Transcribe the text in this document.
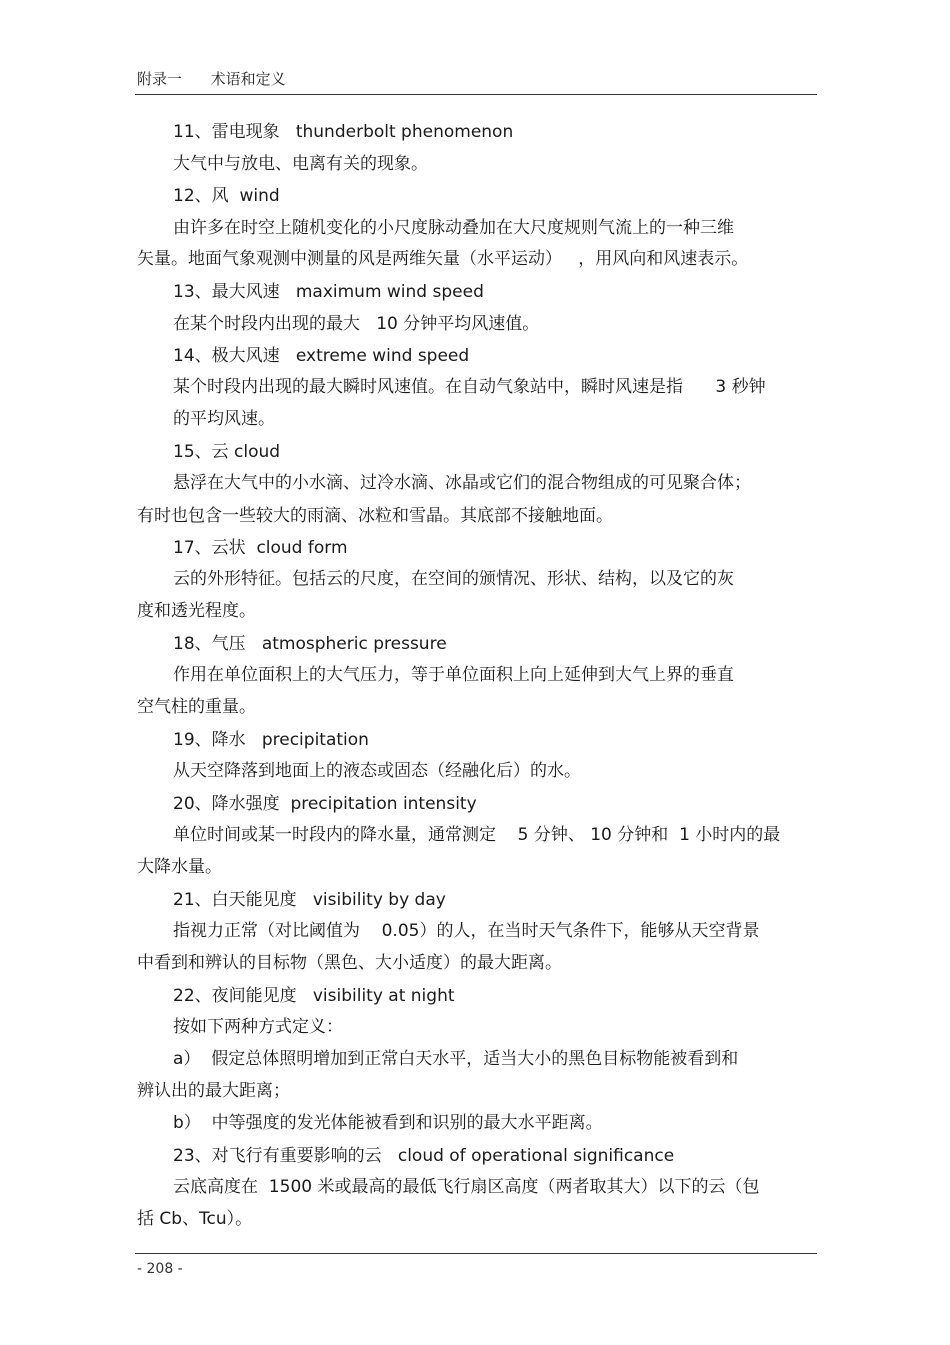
附录一 术语和定义
11、雷电现象   thunderbolt phenomenon
大气中与放电、电离有关的现象。
12、风  wind
由许多在时空上随机变化的小尺度脉动叠加在大尺度规则气流上的一种三维
矢量。地面气象观测中测量的风是两维矢量（水平运动）   ，用风向和风速表示。
13、最大风速   maximum wind speed
在某个时段内出现的最大   10 分钟平均风速值。
14、极大风速   extreme wind speed
某个时段内出现的最大瞬时风速值。在自动气象站中，瞬时风速是指      3 秒钟
的平均风速。
15、云 cloud
悬浮在大气中的小水滴、过冷水滴、冰晶或它们的混合物组成的可见聚合体；
有时也包含一些较大的雨滴、冰粒和雪晶。其底部不接触地面。
17、云状  cloud form
云的外形特征。包括云的尺度，在空间的颁情况、形状、结构，以及它的灰
度和透光程度。
18、气压   atmospheric pressure
作用在单位面积上的大气压力，等于单位面积上向上延伸到大气上界的垂直
空气柱的重量。
19、降水   precipitation
从天空降落到地面上的液态或固态（经融化后）的水。
20、降水强度  precipitation intensity
单位时间或某一时段内的降水量，通常测定    5 分钟、 10 分钟和  1 小时内的最
大降水量。
21、白天能见度   visibility by day
指视力正常（对比阈值为    0.05）的人，在当时天气条件下，能够从天空背景
中看到和辨认的目标物（黑色、大小适度）的最大距离。
22、夜间能见度   visibility at night
按如下两种方式定义：
a）  假定总体照明增加到正常白天水平，适当大小的黑色目标物能被看到和
辨认出的最大距离；
b）  中等强度的发光体能被看到和识别的最大水平距离。
23、对飞行有重要影响的云   cloud of operational significance
云底高度在  1500 米或最高的最低飞行扇区高度（两者取其大）以下的云（包
括 Cb、Tcu）。
- 208 -
